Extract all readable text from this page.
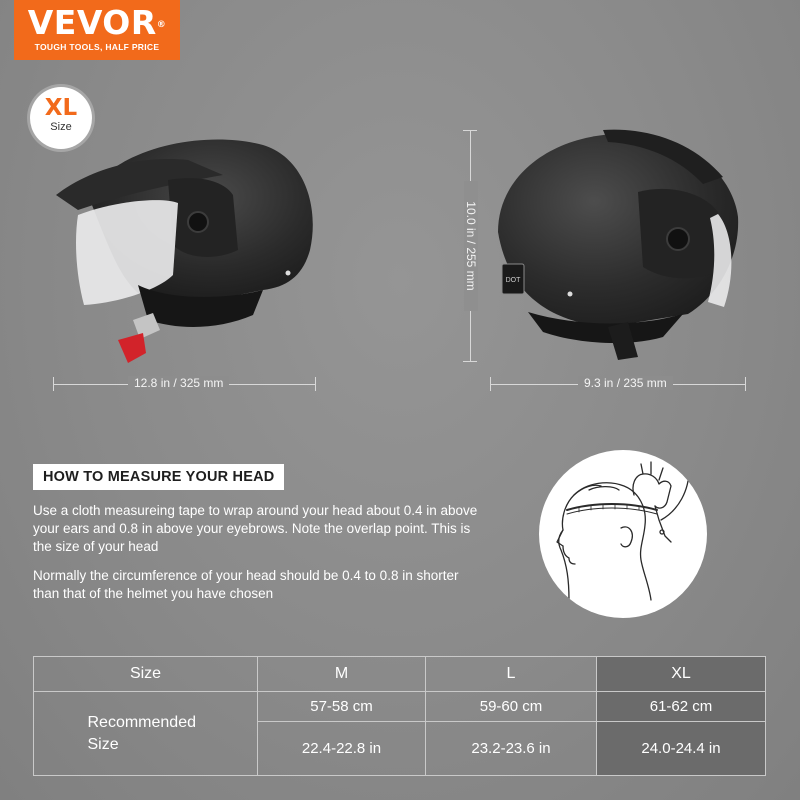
VEVOR®
TOUGH TOOLS, HALF PRICE
XL
Size
DOT
12.8 in / 325 mm
10.0 in / 255 mm
9.3 in / 235 mm
HOW TO MEASURE YOUR HEAD
Use a cloth measureing tape to wrap around your head about 0.4 in above your ears and 0.8 in above your eyebrows. Note the overlap point. This is the size of your head
Normally the circumference of your head should be 0.4 to 0.8 in shorter than that of the helmet you have chosen
Size	M	L	XL

Recommended Size	57-58 cm	59-60 cm	61-62 cm
	22.4-22.8 in	23.2-23.6 in	24.0-24.4 in
